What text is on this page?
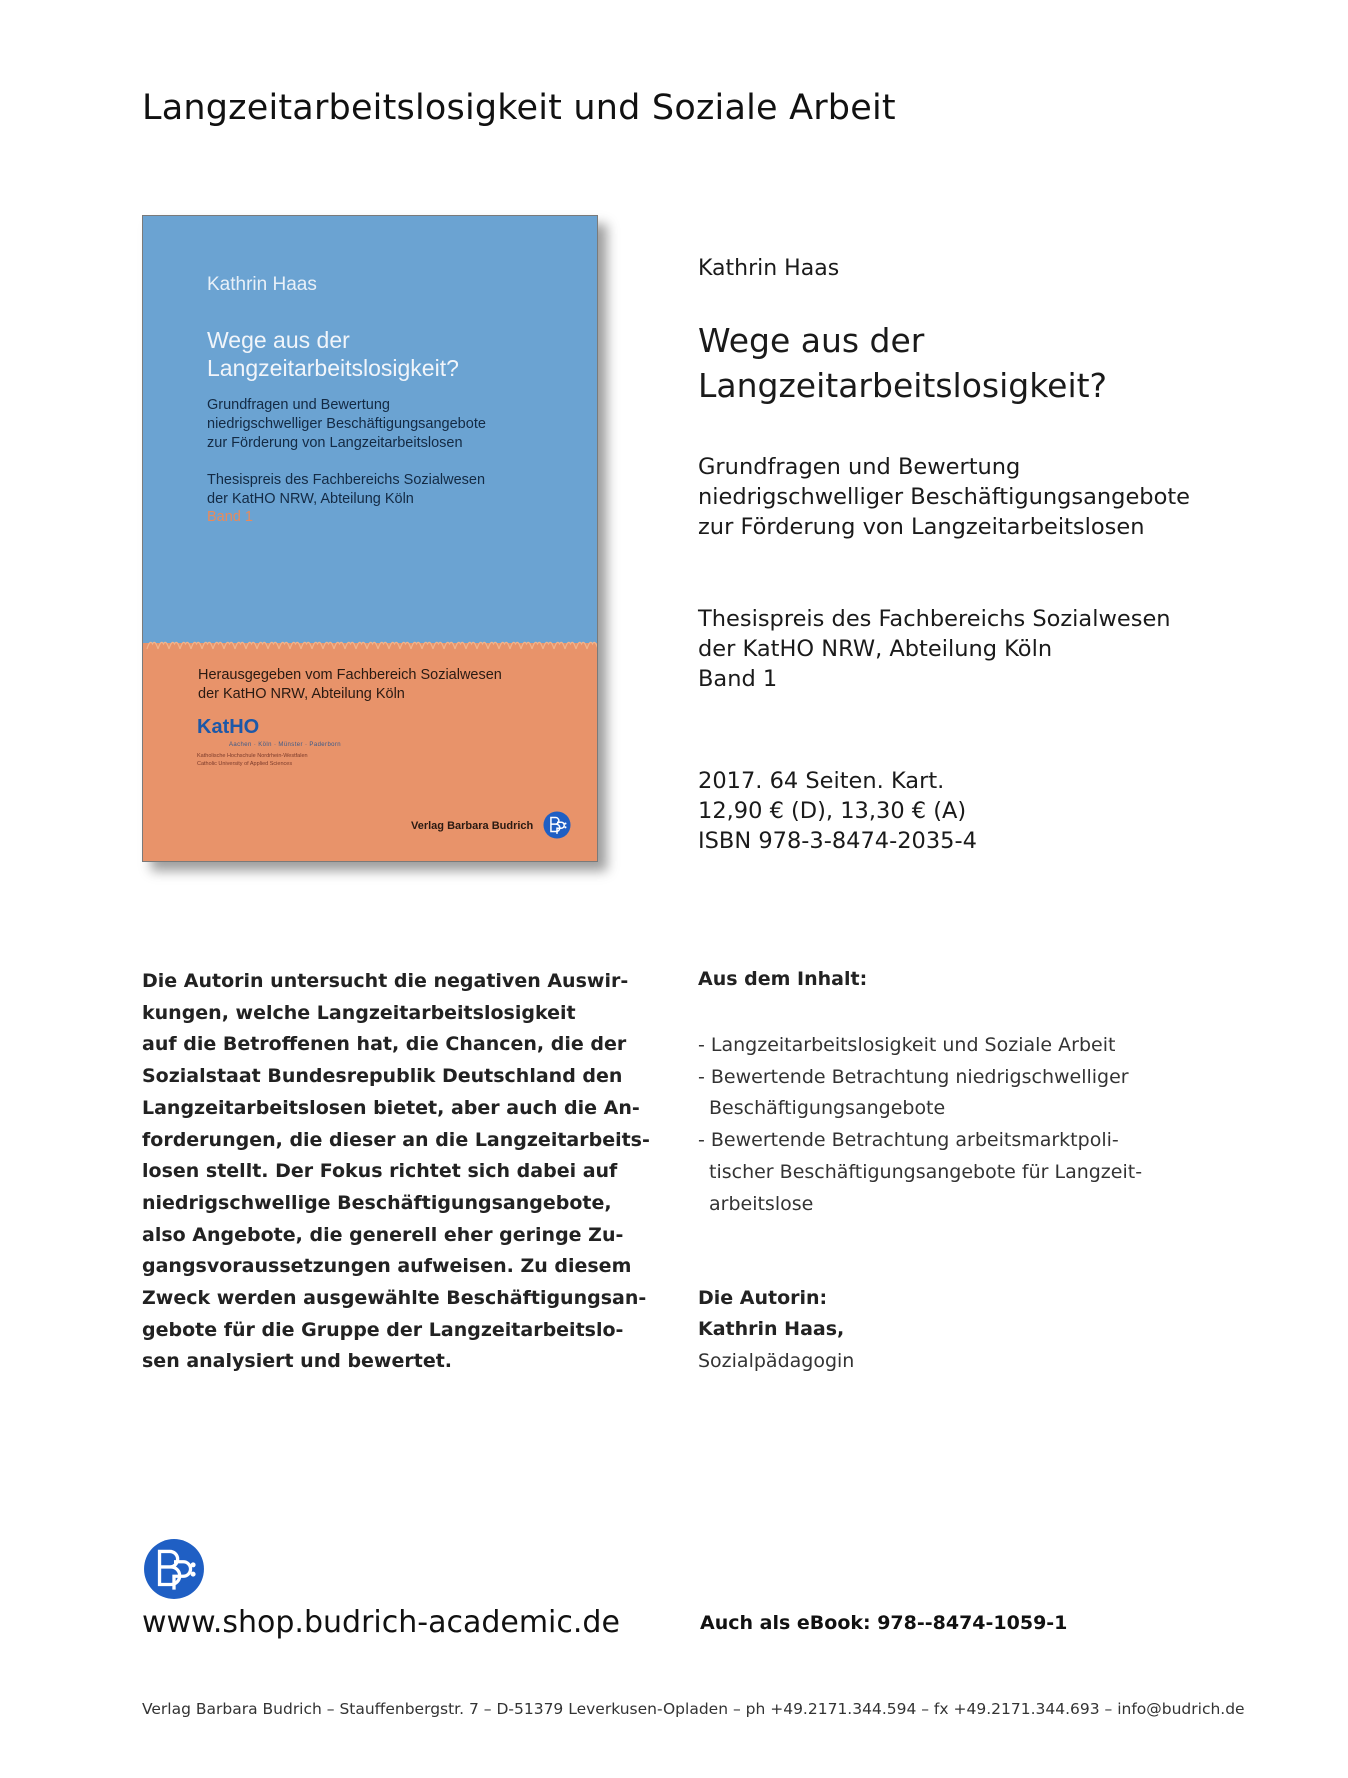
Langzeitarbeitslosigkeit und Soziale Arbeit
Kathrin Haas
Wege aus der
Langzeitarbeitslosigkeit?
Grundfragen und Bewertung
niedrigschwelliger Beschäftigungsangebote
zur Förderung von Langzeitarbeitslosen
Thesispreis des Fachbereichs Sozialwesen
der KatHO NRW, Abteilung Köln
Band 1
Herausgegeben vom Fachbereich Sozialwesen
der KatHO NRW, Abteilung Köln
KatHO
Aachen · Köln · Münster · Paderborn
Katholische Hochschule Nordrhein-Westfalen
Catholic University of Applied Sciences
Verlag Barbara Budrich
Kathrin Haas
Wege aus der
Langzeitarbeitslosigkeit?
Grundfragen und Bewertung
niedrigschwelliger Beschäftigungsangebote
zur Förderung von Langzeitarbeitslosen
Thesispreis des Fachbereichs Sozialwesen
der KatHO NRW, Abteilung Köln
Band 1
2017. 64 Seiten. Kart.
12,90 € (D), 13,30 € (A)
ISBN 978-3-8474-2035-4
Die Autorin untersucht die negativen Auswir-
kungen, welche Langzeitarbeitslosigkeit
auf die Betroffenen hat, die Chancen, die der
Sozialstaat Bundesrepublik Deutschland den
Langzeitarbeitslosen bietet, aber auch die An-
forderungen, die dieser an die Langzeitarbeits-
losen stellt. Der Fokus richtet sich dabei auf
niedrigschwellige Beschäftigungsangebote,
also Angebote, die generell eher geringe Zu-
gangsvoraussetzungen aufweisen. Zu diesem
Zweck werden ausgewählte Beschäftigungsan-
gebote für die Gruppe der Langzeitarbeitslo-
sen analysiert und bewertet.
Aus dem Inhalt:
- Langzeitarbeitslosigkeit und Soziale Arbeit
- Bewertende Betrachtung niedrigschwelliger
Beschäftigungsangebote
- Bewertende Betrachtung arbeitsmarktpoli-
tischer Beschäftigungsangebote für Langzeit-
arbeitslose
Die Autorin:
Kathrin Haas,
Sozialpädagogin
www.shop.budrich-academic.de	Auch als eBook: 978--8474-1059-1
Verlag Barbara Budrich – Stauffenbergstr. 7 – D-51379 Leverkusen-Opladen – ph +49.2171.344.594 – fx +49.2171.344.693 – info@budrich.de
